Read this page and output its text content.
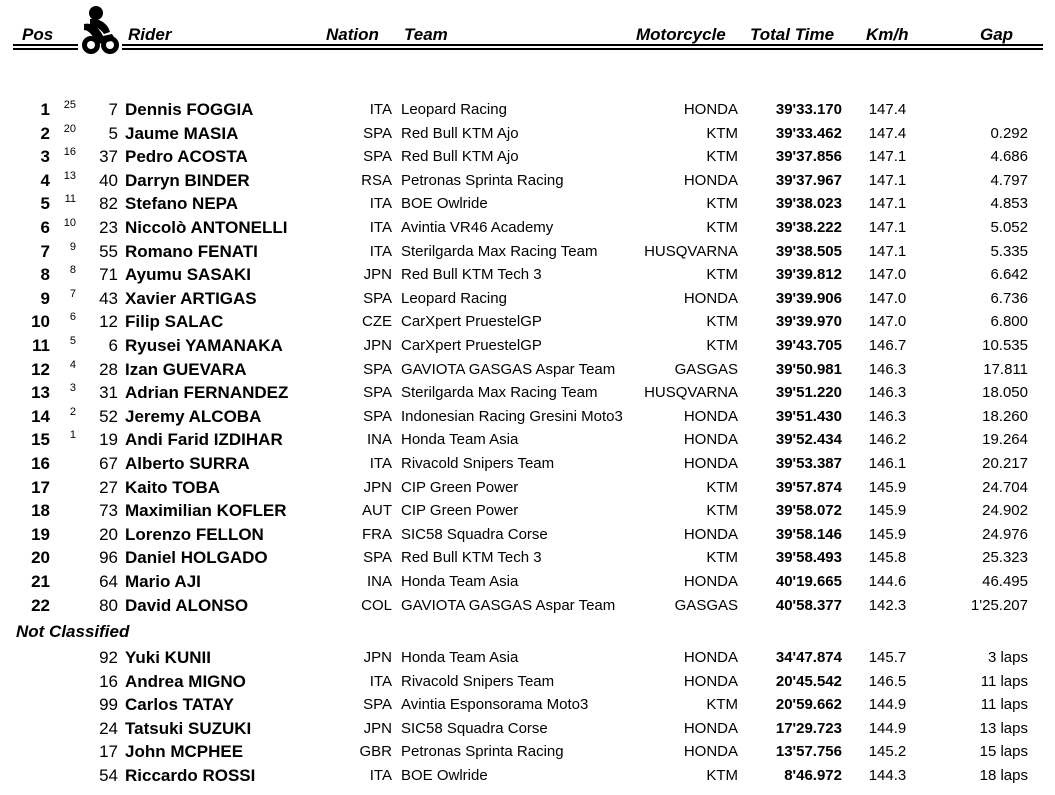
Pos	Rider	Nation Team	Motorcycle Total Time Km/h	Gap
1	25	7 Dennis FOGGIA	ITA Leopard Racing	HONDA	39'33.170	147.4
2	20	5 Jaume MASIA	SPA Red Bull KTM Ajo	KTM	39'33.462	147.4	0.292
3	16	37 Pedro ACOSTA	SPA Red Bull KTM Ajo	KTM	39'37.856	147.1	4.686
4	13	40 Darryn BINDER	RSA Petronas Sprinta Racing	HONDA	39'37.967	147.1	4.797
5	11	82 Stefano NEPA	ITA BOE Owlride	KTM	39'38.023	147.1	4.853
6	10	23 Niccolò ANTONELLI	ITA Avintia VR46 Academy	KTM	39'38.222	147.1	5.052
7	9	55 Romano FENATI	ITA Sterilgarda Max Racing Team	HUSQVARNA	39'38.505	147.1	5.335
8	8	71 Ayumu SASAKI	JPN Red Bull KTM Tech 3	KTM	39'39.812	147.0	6.642
9	7	43 Xavier ARTIGAS	SPA Leopard Racing	HONDA	39'39.906	147.0	6.736
10	6	12 Filip SALAC	CZE CarXpert PruestelGP	KTM	39'39.970	147.0	6.800
11	5	6 Ryusei YAMANAKA	JPN CarXpert PruestelGP	KTM	39'43.705	146.7	10.535
12	4	28 Izan GUEVARA	SPA GAVIOTA GASGAS Aspar Team	GASGAS	39'50.981	146.3	17.811
13	3	31 Adrian FERNANDEZ	SPA Sterilgarda Max Racing Team	HUSQVARNA	39'51.220	146.3	18.050
14	2	52 Jeremy ALCOBA	SPA Indonesian Racing Gresini Moto3	HONDA	39'51.430	146.3	18.260
15	1	19 Andi Farid IZDIHAR	INA Honda Team Asia	HONDA	39'52.434	146.2	19.264
16	67 Alberto SURRA	ITA Rivacold Snipers Team	HONDA	39'53.387	146.1	20.217
17	27 Kaito TOBA	JPN CIP Green Power	KTM	39'57.874	145.9	24.704
18	73 Maximilian KOFLER	AUT CIP Green Power	KTM	39'58.072	145.9	24.902
19	20 Lorenzo FELLON	FRA SIC58 Squadra Corse	HONDA	39'58.146	145.9	24.976
20	96 Daniel HOLGADO	SPA Red Bull KTM Tech 3	KTM	39'58.493	145.8	25.323
21	64 Mario AJI	INA Honda Team Asia	HONDA	40'19.665	144.6	46.495
22	80 David ALONSO	COL GAVIOTA GASGAS Aspar Team	GASGAS	40'58.377	142.3	1'25.207
Not Classified
92 Yuki KUNII	JPN Honda Team Asia	HONDA	34'47.874	145.7	3 laps
16 Andrea MIGNO	ITA Rivacold Snipers Team	HONDA	20'45.542	146.5	11 laps
99 Carlos TATAY	SPA Avintia Esponsorama Moto3	KTM	20'59.662	144.9	11 laps
24 Tatsuki SUZUKI	JPN SIC58 Squadra Corse	HONDA	17'29.723	144.9	13 laps
17 John MCPHEE	GBR Petronas Sprinta Racing	HONDA	13'57.756	145.2	15 laps
54 Riccardo ROSSI	ITA BOE Owlride	KTM	8'46.972	144.3	18 laps
